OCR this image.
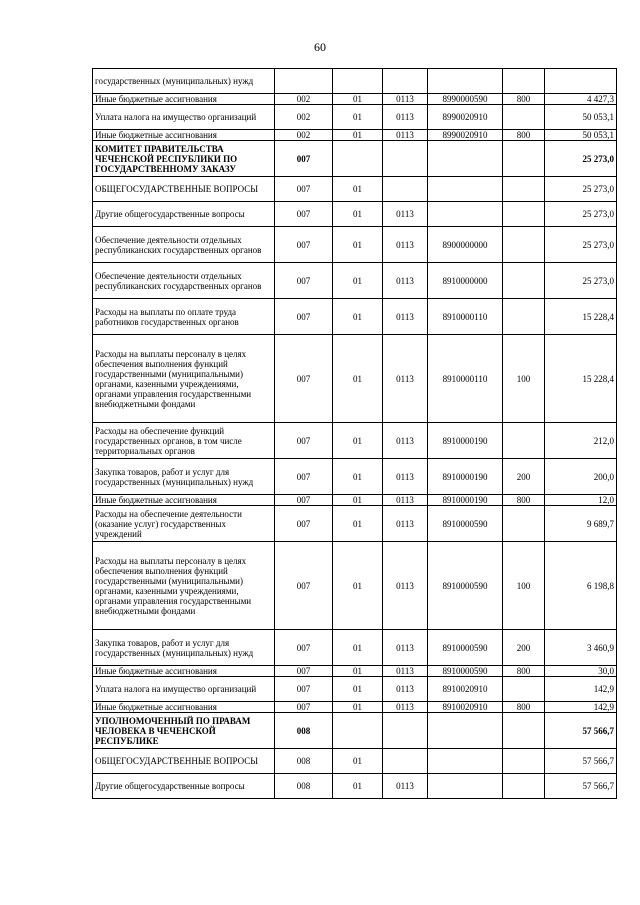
60
государственных (муниципальных) нужд						
Иные бюджетные ассигнования	002	01	0113	8990000590	800	4 427,3
Уплата налога на имущество организаций	002	01	0113	8990020910		50 053,1
Иные бюджетные ассигнования	002	01	0113	8990020910	800	50 053,1
КОМИТЕТ ПРАВИТЕЛЬСТВА ЧЕЧЕНСКОЙ РЕСПУБЛИКИ ПО ГОСУДАРСТВЕННОМУ ЗАКАЗУ	007					25 273,0
ОБЩЕГОСУДАРСТВЕННЫЕ ВОПРОСЫ	007	01				25 273,0
Другие общегосударственные вопросы	007	01	0113			25 273,0
Обеспечение деятельности отдельных республиканских государственных органов	007	01	0113	8900000000		25 273,0
Обеспечение деятельности отдельных республиканских государственных органов	007	01	0113	8910000000		25 273,0
Расходы на выплаты по оплате труда работников государственных органов	007	01	0113	8910000110		15 228,4
Расходы на выплаты персоналу в целях обеспечения выполнения функций государственными (муниципальными) органами, казенными учреждениями, органами управления государственными внебюджетными фондами	007	01	0113	8910000110	100	15 228,4
Расходы на обеспечение функций государственных органов, в том числе территориальных органов	007	01	0113	8910000190		212,0
Закупка товаров, работ и услуг для государственных (муниципальных) нужд	007	01	0113	8910000190	200	200,0
Иные бюджетные ассигнования	007	01	0113	8910000190	800	12,0
Расходы на обеспечение деятельности (оказание услуг) государственных учреждений	007	01	0113	8910000590		9 689,7
Расходы на выплаты персоналу в целях обеспечения выполнения функций государственными (муниципальными) органами, казенными учреждениями, органами управления государственными внебюджетными фондами	007	01	0113	8910000590	100	6 198,8
Закупка товаров, работ и услуг для государственных (муниципальных) нужд	007	01	0113	8910000590	200	3 460,9
Иные бюджетные ассигнования	007	01	0113	8910000590	800	30,0
Уплата налога на имущество организаций	007	01	0113	8910020910		142,9
Иные бюджетные ассигнования	007	01	0113	8910020910	800	142,9
УПОЛНОМОЧЕННЫЙ ПО ПРАВАМ ЧЕЛОВЕКА В ЧЕЧЕНСКОЙ РЕСПУБЛИКЕ	008					57 566,7
ОБЩЕГОСУДАРСТВЕННЫЕ ВОПРОСЫ	008	01				57 566,7
Другие общегосударственные вопросы	008	01	0113			57 566,7
